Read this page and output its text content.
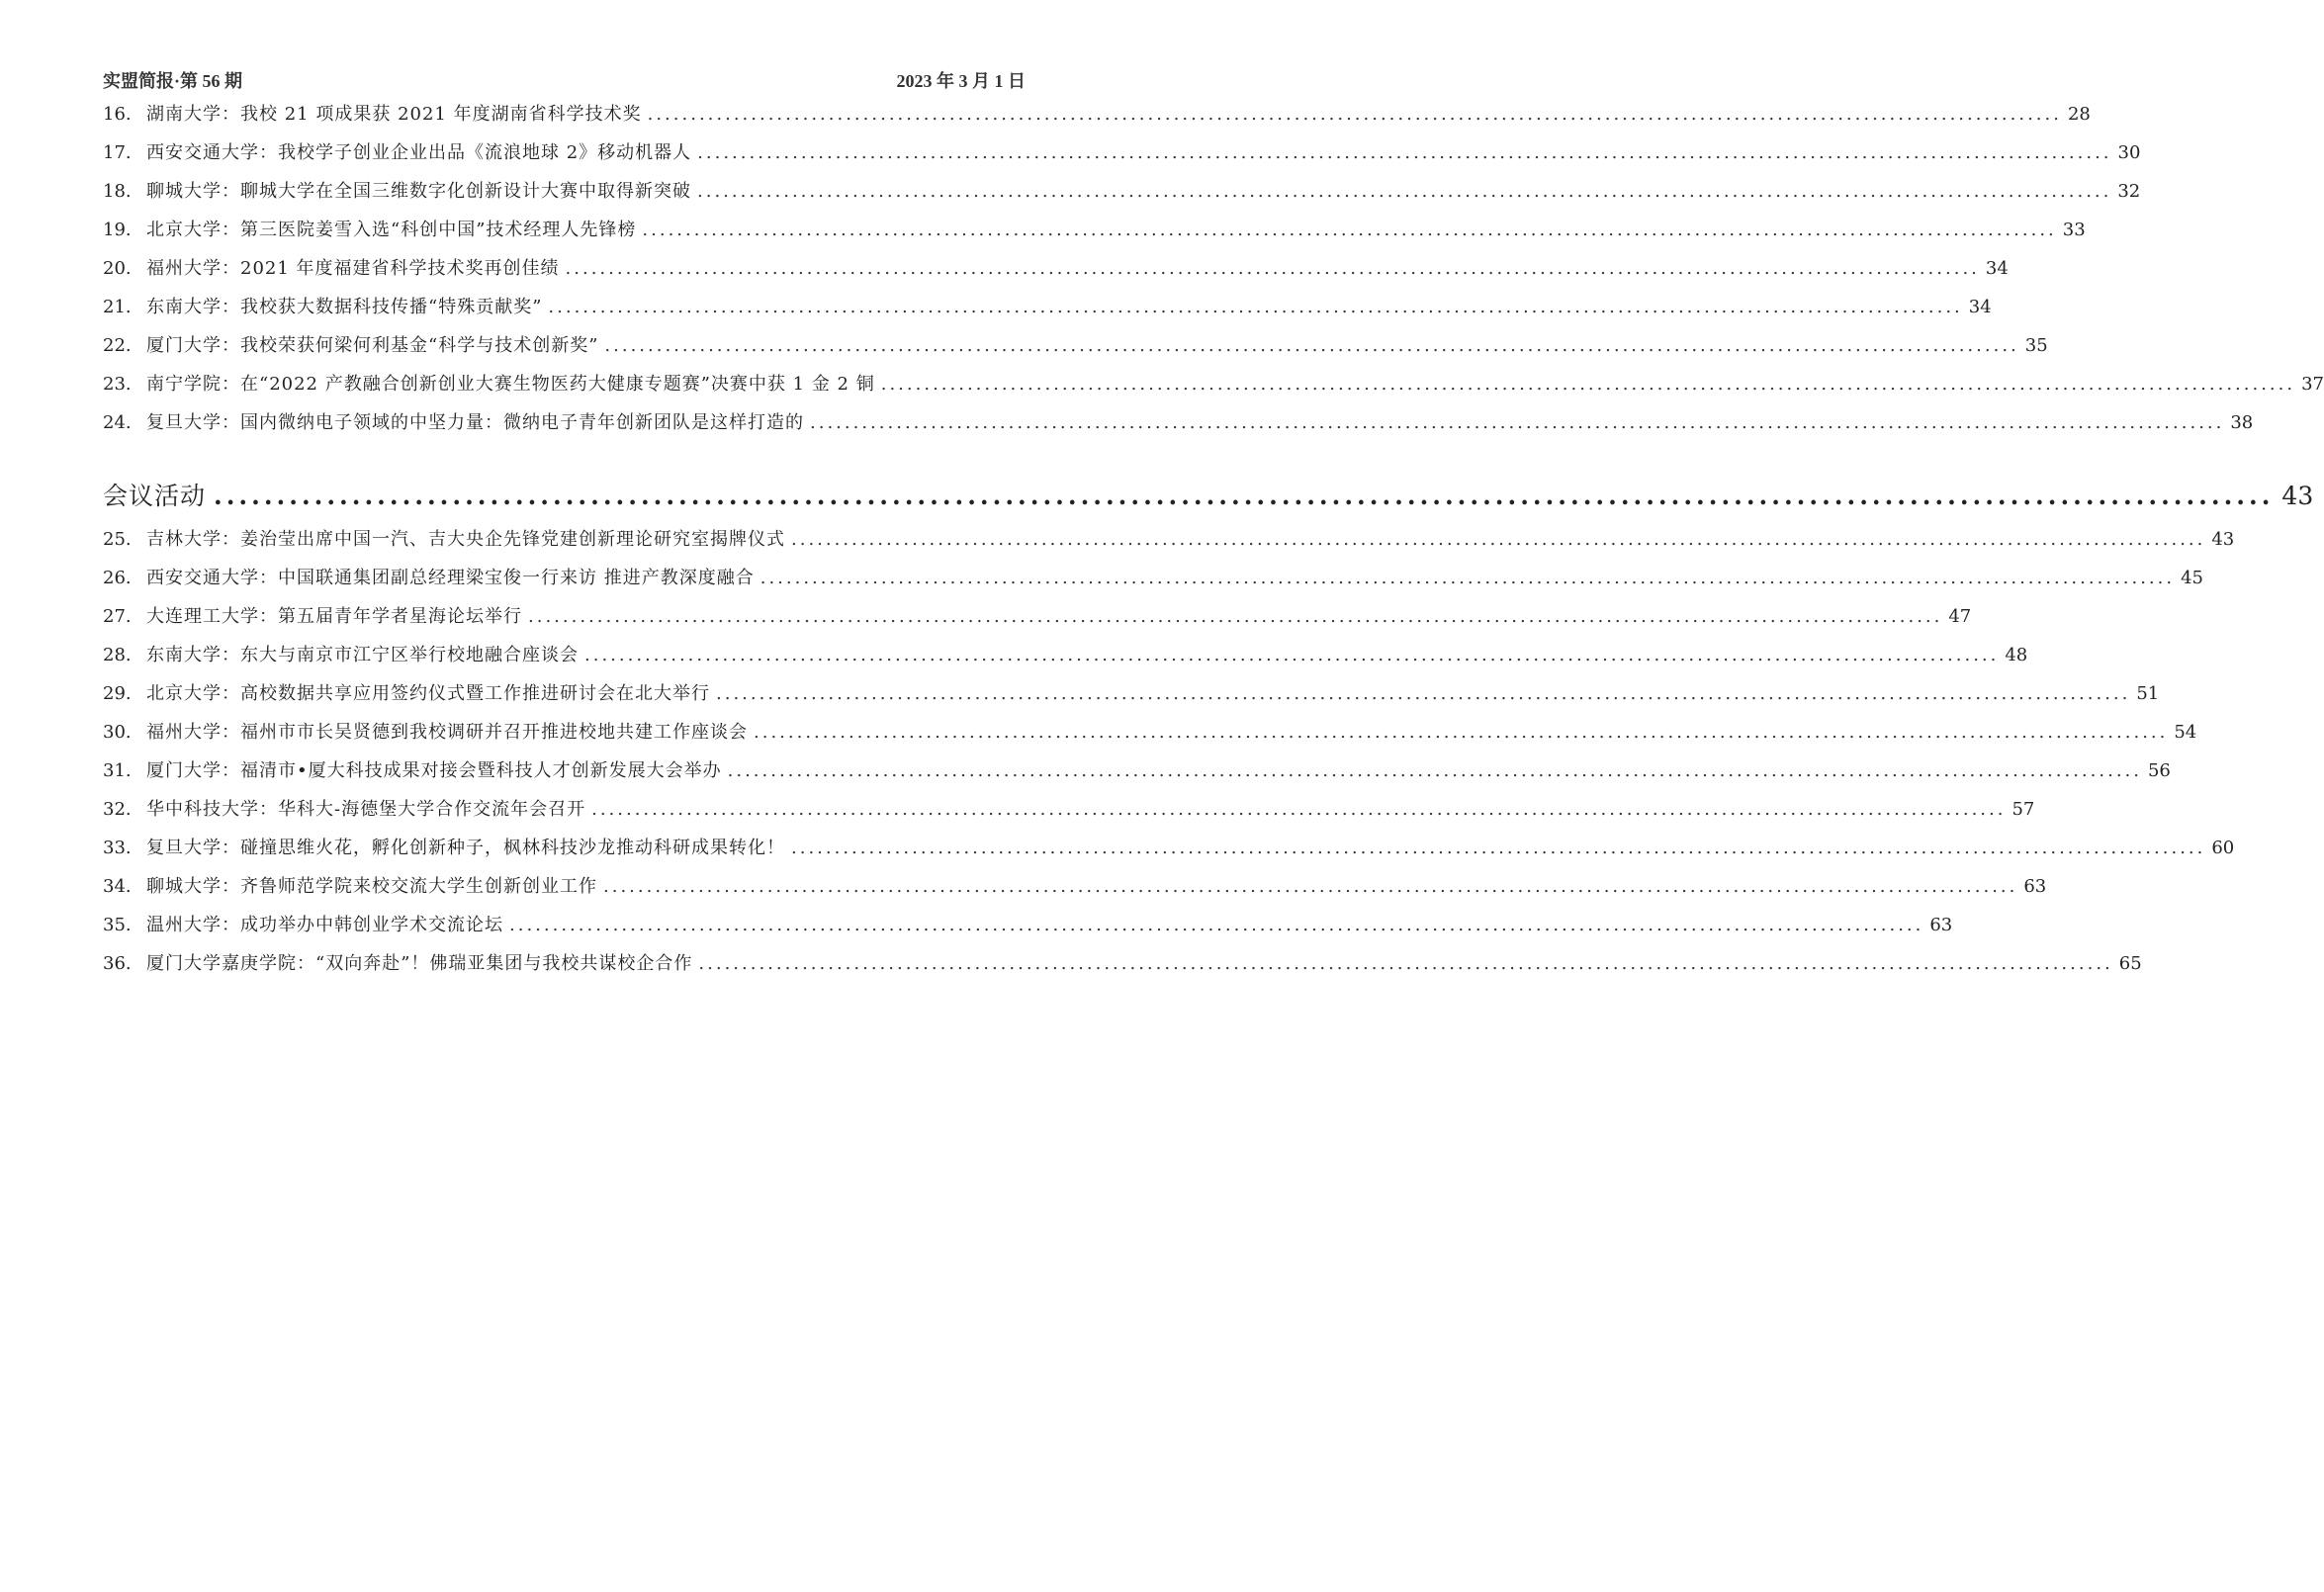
实盟简报·第 56 期	2023 年 3 月 1 日
16. 湖南大学：我校 21 项成果获 2021 年度湖南省科学技术奖 .....	28
17. 西安交通大学：我校学子创业企业出品《流浪地球 2》移动机器人 .....	30
18. 聊城大学：聊城大学在全国三维数字化创新设计大赛中取得新突破 .....	32
19. 北京大学：第三医院姜雪入选“科创中国”技术经理人先锋榜 .....	33
20. 福州大学：2021 年度福建省科学技术奖再创佳绩 .....	34
21. 东南大学：我校获大数据科技传播“特殊贡献奖” .....	34
22. 厦门大学：我校荣获何梁何利基金“科学与技术创新奖” .....	35
23. 南宁学院：在“2022 产教融合创新创业大赛生物医药大健康专题赛”决赛中获 1 金 2 铜 .....	37
24. 复旦大学：国内微纳电子领域的中坚力量：微纳电子青年创新团队是这样打造的 .....	38
会议活动 .....	43
25. 吉林大学：姜治莹出席中国一汽、吉大央企先锋党建创新理论研究室揭牌仪式 .....	43
26. 西安交通大学：中国联通集团副总经理梁宝俊一行来访 推进产教深度融合 .....	45
27. 大连理工大学：第五届青年学者星海论坛举行 .....	47
28. 东南大学：东大与南京市江宁区举行校地融合座谈会 .....	48
29. 北京大学：高校数据共享应用签约仪式暨工作推进研讨会在北大举行 .....	51
30. 福州大学：福州市市长吴贤德到我校调研并召开推进校地共建工作座谈会 .....	54
31. 厦门大学：福清市•厦大科技成果对接会暨科技人才创新发展大会举办 .....	56
32. 华中科技大学：华科大-海德堡大学合作交流年会召开 .....	57
33. 复旦大学：碰撞思维火花，孵化创新种子，枫林科技沙龙推动科研成果转化！ .....	60
34. 聊城大学：齐鲁师范学院来校交流大学生创新创业工作 .....	63
35. 温州大学：成功举办中韩创业学术交流论坛 .....	63
36. 厦门大学嘉庚学院：“双向奔赴”！佛瑞亚集团与我校共谋校企合作 .....	65
